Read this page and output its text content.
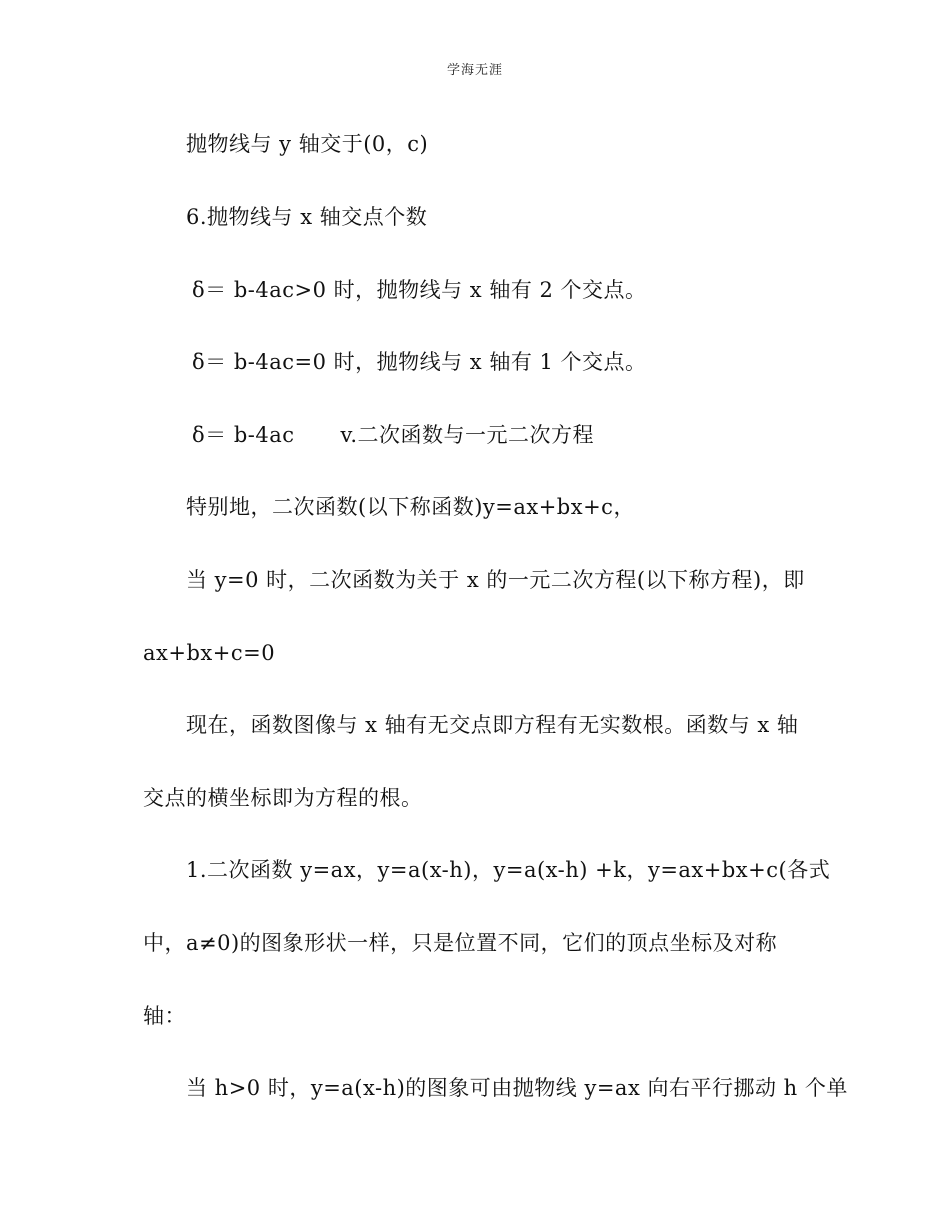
学海无涯
抛物线与 y 轴交于(0，c)
6.抛物线与 x 轴交点个数
δ＝ b-4ac>0 时，抛物线与 x 轴有 2 个交点。
δ＝ b-4ac=0 时，抛物线与 x 轴有 1 个交点。
δ＝ b-4ac v.二次函数与一元二次方程
特别地，二次函数(以下称函数)y=ax+bx+c，
当 y=0 时，二次函数为关于 x 的一元二次方程(以下称方程)，即
ax+bx+c=0
现在，函数图像与 x 轴有无交点即方程有无实数根。函数与 x 轴
交点的横坐标即为方程的根。
1.二次函数 y=ax，y=a(x-h)，y=a(x-h) +k，y=ax+bx+c(各式
中，a≠0)的图象形状一样，只是位置不同，它们的顶点坐标及对称
轴：
当 h>0 时，y=a(x-h)的图象可由抛物线 y=ax 向右平行挪动 h 个单
